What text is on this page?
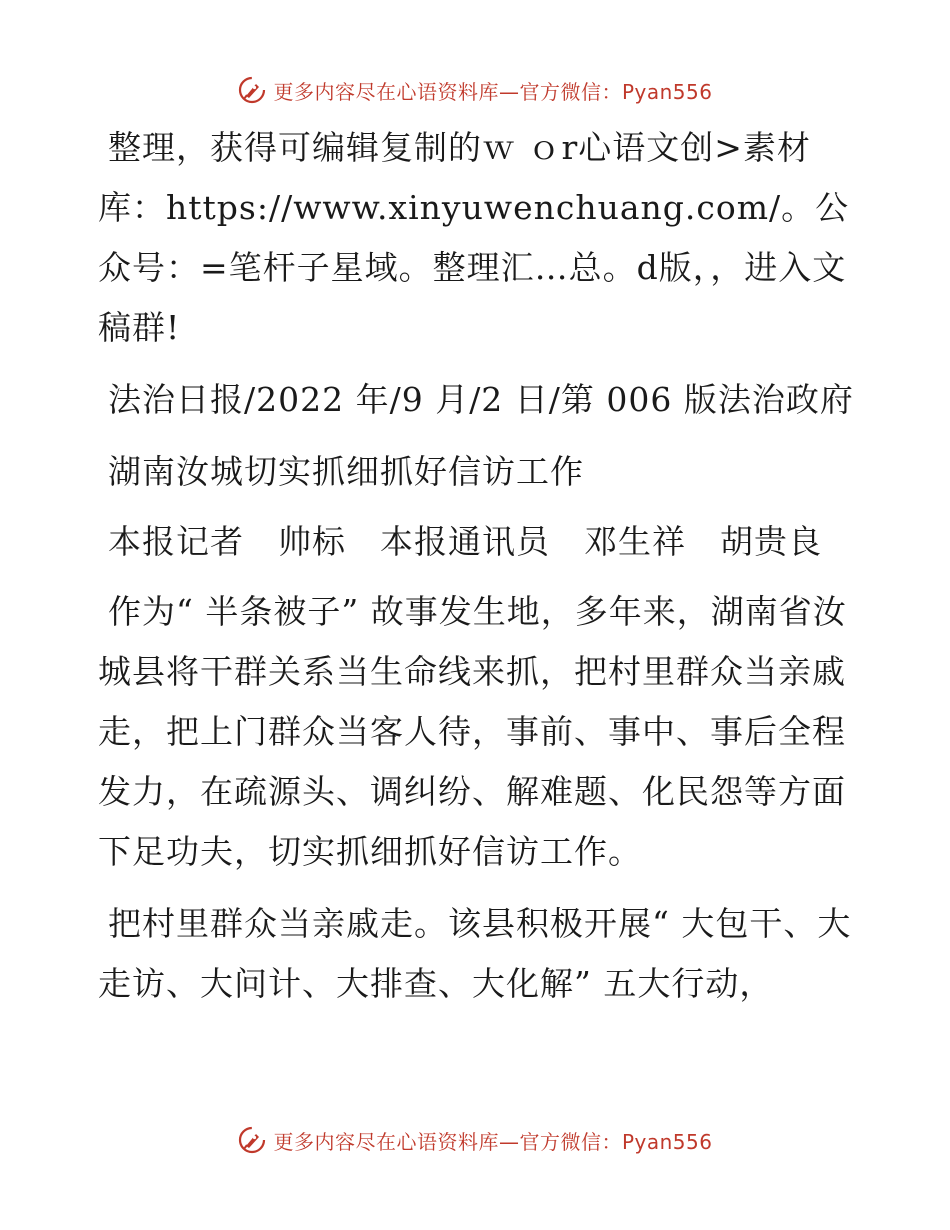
更多内容尽在心语资料库—官方微信：Pyan556

整理，获得可编辑复制的ｗ ｏr心语文创>素材库：https://www.xinyuwenchuang.com/。公众号：=笔杆子星域。整理汇…总。d版，，进入文稿群!

法治日报/2022 年/9 月/2 日/第 006 版法治政府

湖南汝城切实抓细抓好信访工作

本报记者　帅标　本报通讯员　邓生祥　胡贵良

作为“ 半条被子” 故事发生地，多年来，湖南省汝城县将干群关系当生命线来抓，把村里群众当亲戚走，把上门群众当客人待，事前、事中、事后全程发力，在疏源头、调纠纷、解难题、化民怨等方面下足功夫，切实抓细抓好信访工作。

把村里群众当亲戚走。该县积极开展“ 大包干、大走访、大问计、大排查、大化解” 五大行动，

更多内容尽在心语资料库—官方微信：Pyan556
